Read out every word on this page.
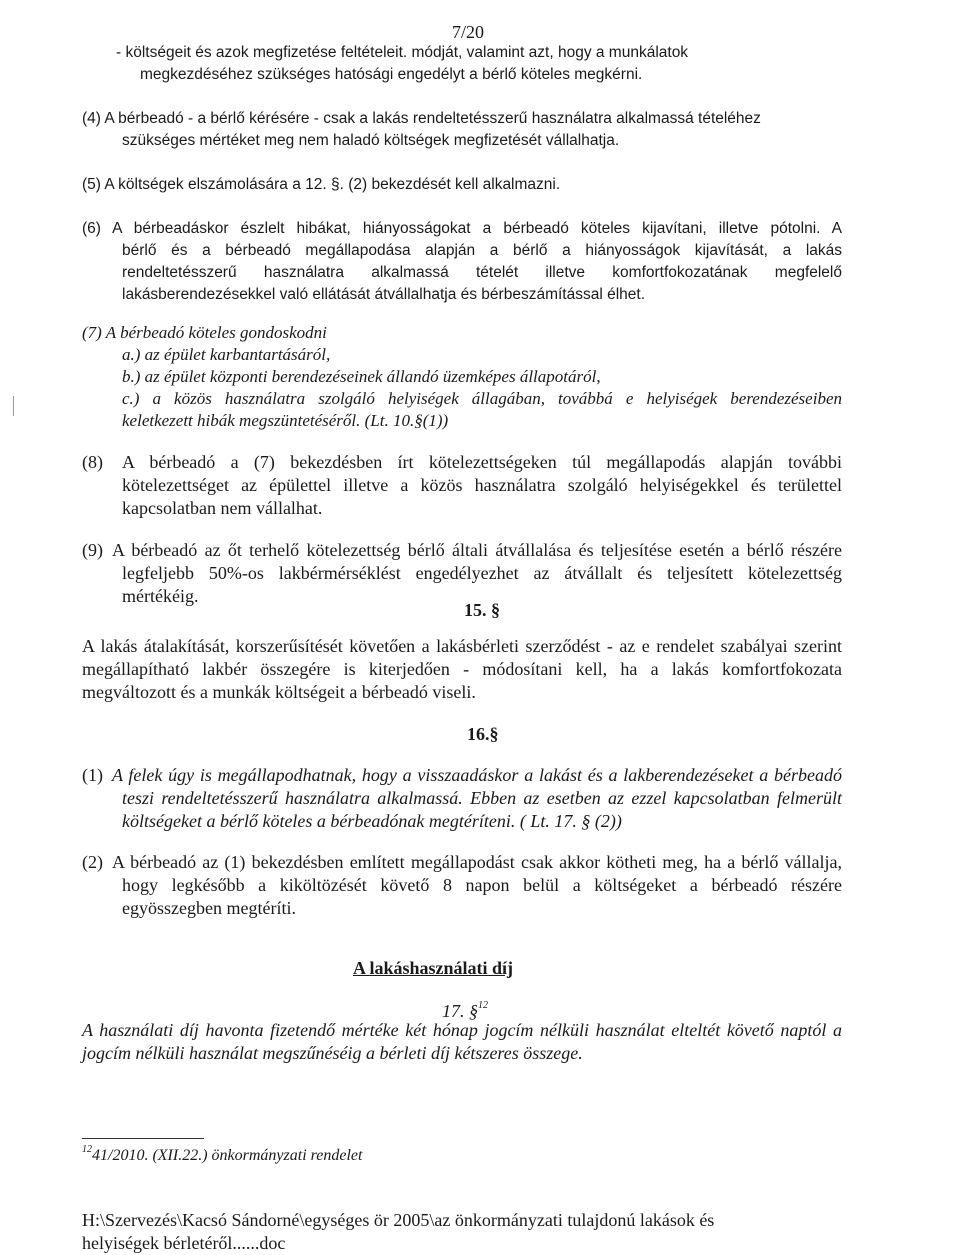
7/20
- költségeit és azok megfizetése feltételeit. módját, valamint azt, hogy a munkálatok
megkezdéséhez szükséges hatósági engedélyt a bérlő köteles megkérni.
(4) A bérbeadó - a bérlő kérésére - csak a lakás rendeltetésszerű használatra alkalmassá tételéhez
szükséges mértéket meg nem haladó költségek megfizetését vállalhatja.
(5) A költségek elszámolására a 12. §. (2) bekezdését kell alkalmazni.
(6) A bérbeadáskor észlelt hibákat, hiányosságokat a bérbeadó köteles kijavítani, illetve pótolni. A
bérlő és a bérbeadó megállapodása alapján a bérlő a hiányosságok kijavítását, a lakás
rendeltetésszerű használatra alkalmassá tételét illetve komfortfokozatának megfelelő
lakásberendezésekkel való ellátását átvállalhatja és bérbeszámítással élhet.
(7) A bérbeadó köteles gondoskodni
a.) az épület karbantartásáról,
b.) az épület központi berendezéseinek állandó üzemképes állapotáról,
c.) a közös használatra szolgáló helyiségek állagában, továbbá e helyiségek berendezéseiben
keletkezett hibák megszüntetéséről. (Lt. 10.§(1))
(8) A bérbeadó a (7) bekezdésben írt kötelezettségeken túl megállapodás alapján további
kötelezettséget az épülettel illetve a közös használatra szolgáló helyiségekkel és területtel
kapcsolatban nem vállalhat.
(9) A bérbeadó az őt terhelő kötelezettség bérlő általi átvállalása és teljesítése esetén a bérlő részére
legfeljebb 50%-os lakbérmérséklést engedélyezhet az átvállalt és teljesített kötelezettség
mértékéig.
15. §
A lakás átalakítását, korszerűsítését követően a lakásbérleti szerződést - az e rendelet szabályai szerint
megállapítható lakbér összegére is kiterjedően - módosítani kell, ha a lakás komfortfokozata
megváltozott és a munkák költségeit a bérbeadó viseli.
16.§
(1) A felek úgy is megállapodhatnak, hogy a visszaadáskor a lakást és a lakberendezéseket a bérbeadó
teszi rendeltetésszerű használatra alkalmassá. Ebben az esetben az ezzel kapcsolatban felmerült
költségeket a bérlő köteles a bérbeadónak megtéríteni. ( Lt. 17. § (2))
(2) A bérbeadó az (1) bekezdésben említett megállapodást csak akkor kötheti meg, ha a bérlő vállalja,
hogy legkésőbb a kiköltözését követő 8 napon belül a költségeket a bérbeadó részére
egyösszegben megtéríti.
A lakáshasználati díj
17. §$^{12}$
A használati díj havonta fizetendő mértéke két hónap jogcím nélküli használat elteltét követő naptól a
jogcím nélküli használat megszűnéséig a bérleti díj kétszeres összege.
$^{12}$41/2010. (XII.22.) önkormányzati rendelet
H:\Szervezés\Kacsó Sándorné\egységes ör 2005\az önkormányzati tulajdonú lakások és
helyiségek bérletéről......doc
